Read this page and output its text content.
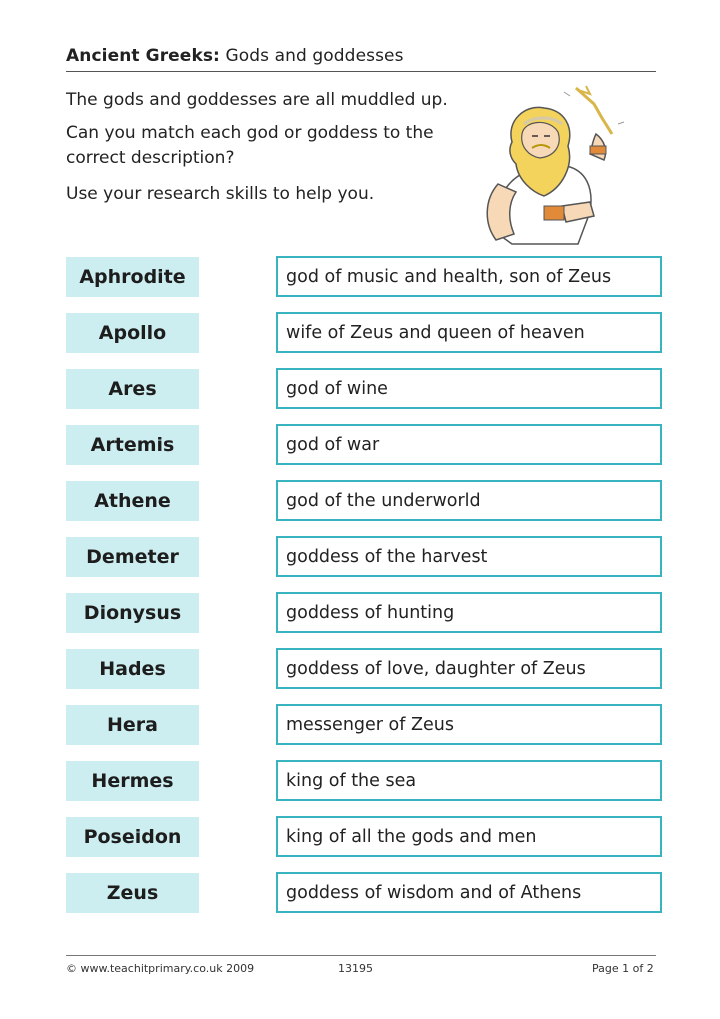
Ancient Greeks: Gods and goddesses
The gods and goddesses are all muddled up.
Can you match each god or goddess to the correct description?
Use your research skills to help you.
Aphrodite
Apollo
Ares
Artemis
Athene
Demeter
Dionysus
Hades
Hera
Hermes
Poseidon
Zeus
god of music and health, son of Zeus
wife of Zeus and queen of heaven
god of wine
god of war
god of the underworld
goddess of the harvest
goddess of hunting
goddess of love, daughter of Zeus
messenger of Zeus
king of the sea
king of all the gods and men
goddess of wisdom and of Athens
© www.teachitprimary.co.uk 2009	13195	Page 1 of 2
